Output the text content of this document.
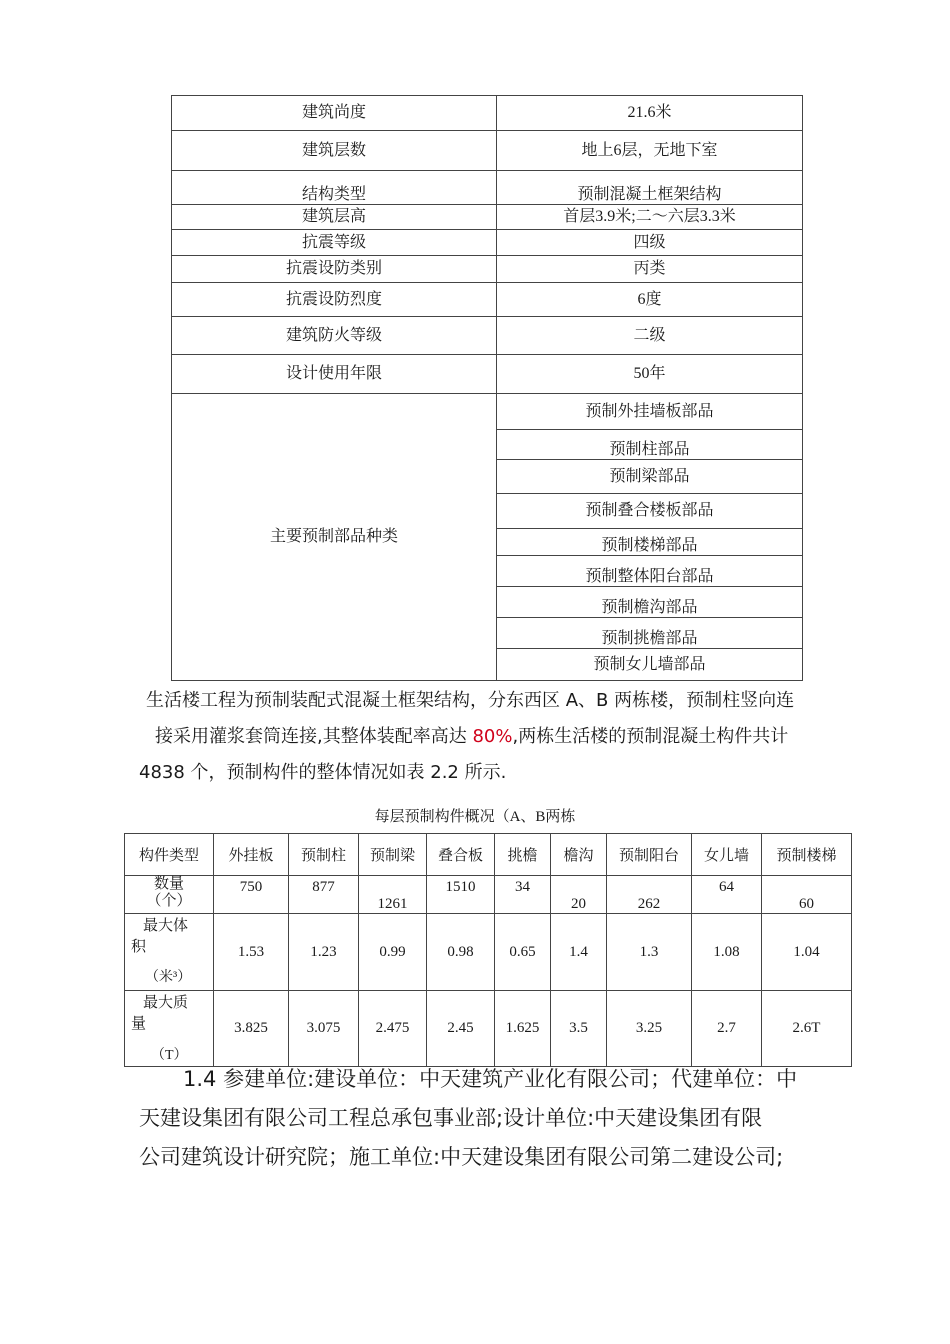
建筑尚度	21.6米
建筑层数	地上6层，无地下室
结构类型	预制混凝土框架结构
建筑层高	首层3.9米;二～六层3.3米
抗震等级	四级
抗震设防类别	丙类
抗震设防烈度	6度
建筑防火等级	二级
设计使用年限	50年
主要预制部品种类	预制外挂墙板部品
	预制柱部品
	预制梁部品
	预制叠合楼板部品
	预制楼梯部品
	预制整体阳台部品
	预制檐沟部品
	预制挑檐部品
	预制女儿墙部品
生活楼工程为预制装配式混凝土框架结构，分东西区 A、B 两栋楼，预制柱竖向连
接采用灌浆套筒连接,其整体装配率高达 80%,两栋生活楼的预制混凝土构件共计
4838 个，预制构件的整体情况如表 2.2 所示.
每层预制构件概况（A、B两栋
构件类型	外挂板	预制柱	预制梁	叠合板	挑檐	檐沟	预制阳台	女儿墙	预制楼梯

数量
（个）	750	877	1261	1510	34	20	262	64	60

最大体
积
（米³）	1.53	1.23	0.99	0.98	0.65	1.4	1.3	1.08	1.04

最大质
量
（T）	3.825	3.075	2.475	2.45	1.625	3.5	3.25	2.7	2.6T
1.4 参建单位:建设单位：中天建筑产业化有限公司；代建单位：中
天建设集团有限公司工程总承包事业部;设计单位:中天建设集团有限
公司建筑设计研究院；施工单位:中天建设集团有限公司第二建设公司;
